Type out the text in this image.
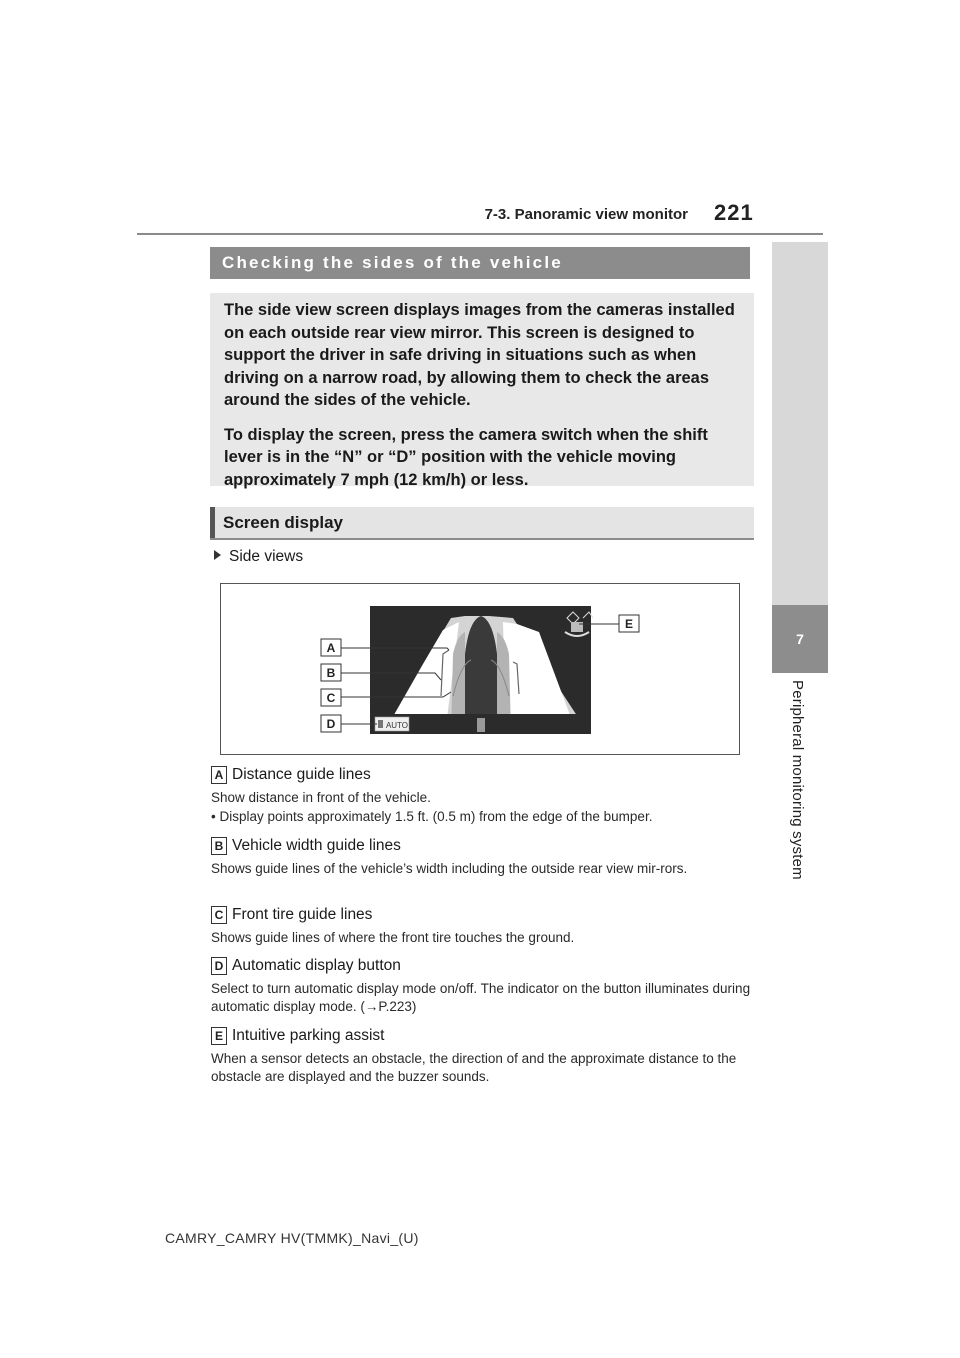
7-3. Panoramic view monitor 221
7
Peripheral monitoring system
Checking the sides of the vehicle

The side view screen displays images from the cameras installed on each outside rear view mirror. This screen is designed to support the driver in safe driving in situations such as when driving on a narrow road, by allowing them to check the areas around the sides of the vehicle.

To display the screen, press the camera switch when the shift lever is in the “N” or “D” position with the vehicle moving approximately 7 mph (12 km/h) or less.

Screen display
Side views
A
B
C
D
E
AUTO
A Distance guide lines
Show distance in front of the vehicle.
• Display points approximately 1.5 ft. (0.5 m) from the edge of the bumper.
B Vehicle width guide lines
Shows guide lines of the vehicle’s width including the outside rear view mir-rors.
C Front tire guide lines
Shows guide lines of where the front tire touches the ground.
D Automatic display button
Select to turn automatic display mode on/off. The indicator on the button illuminates during automatic display mode. (→P.223)
E Intuitive parking assist
When a sensor detects an obstacle, the direction of and the approximate distance to the obstacle are displayed and the buzzer sounds.
CAMRY_CAMRY HV(TMMK)_Navi_(U)
